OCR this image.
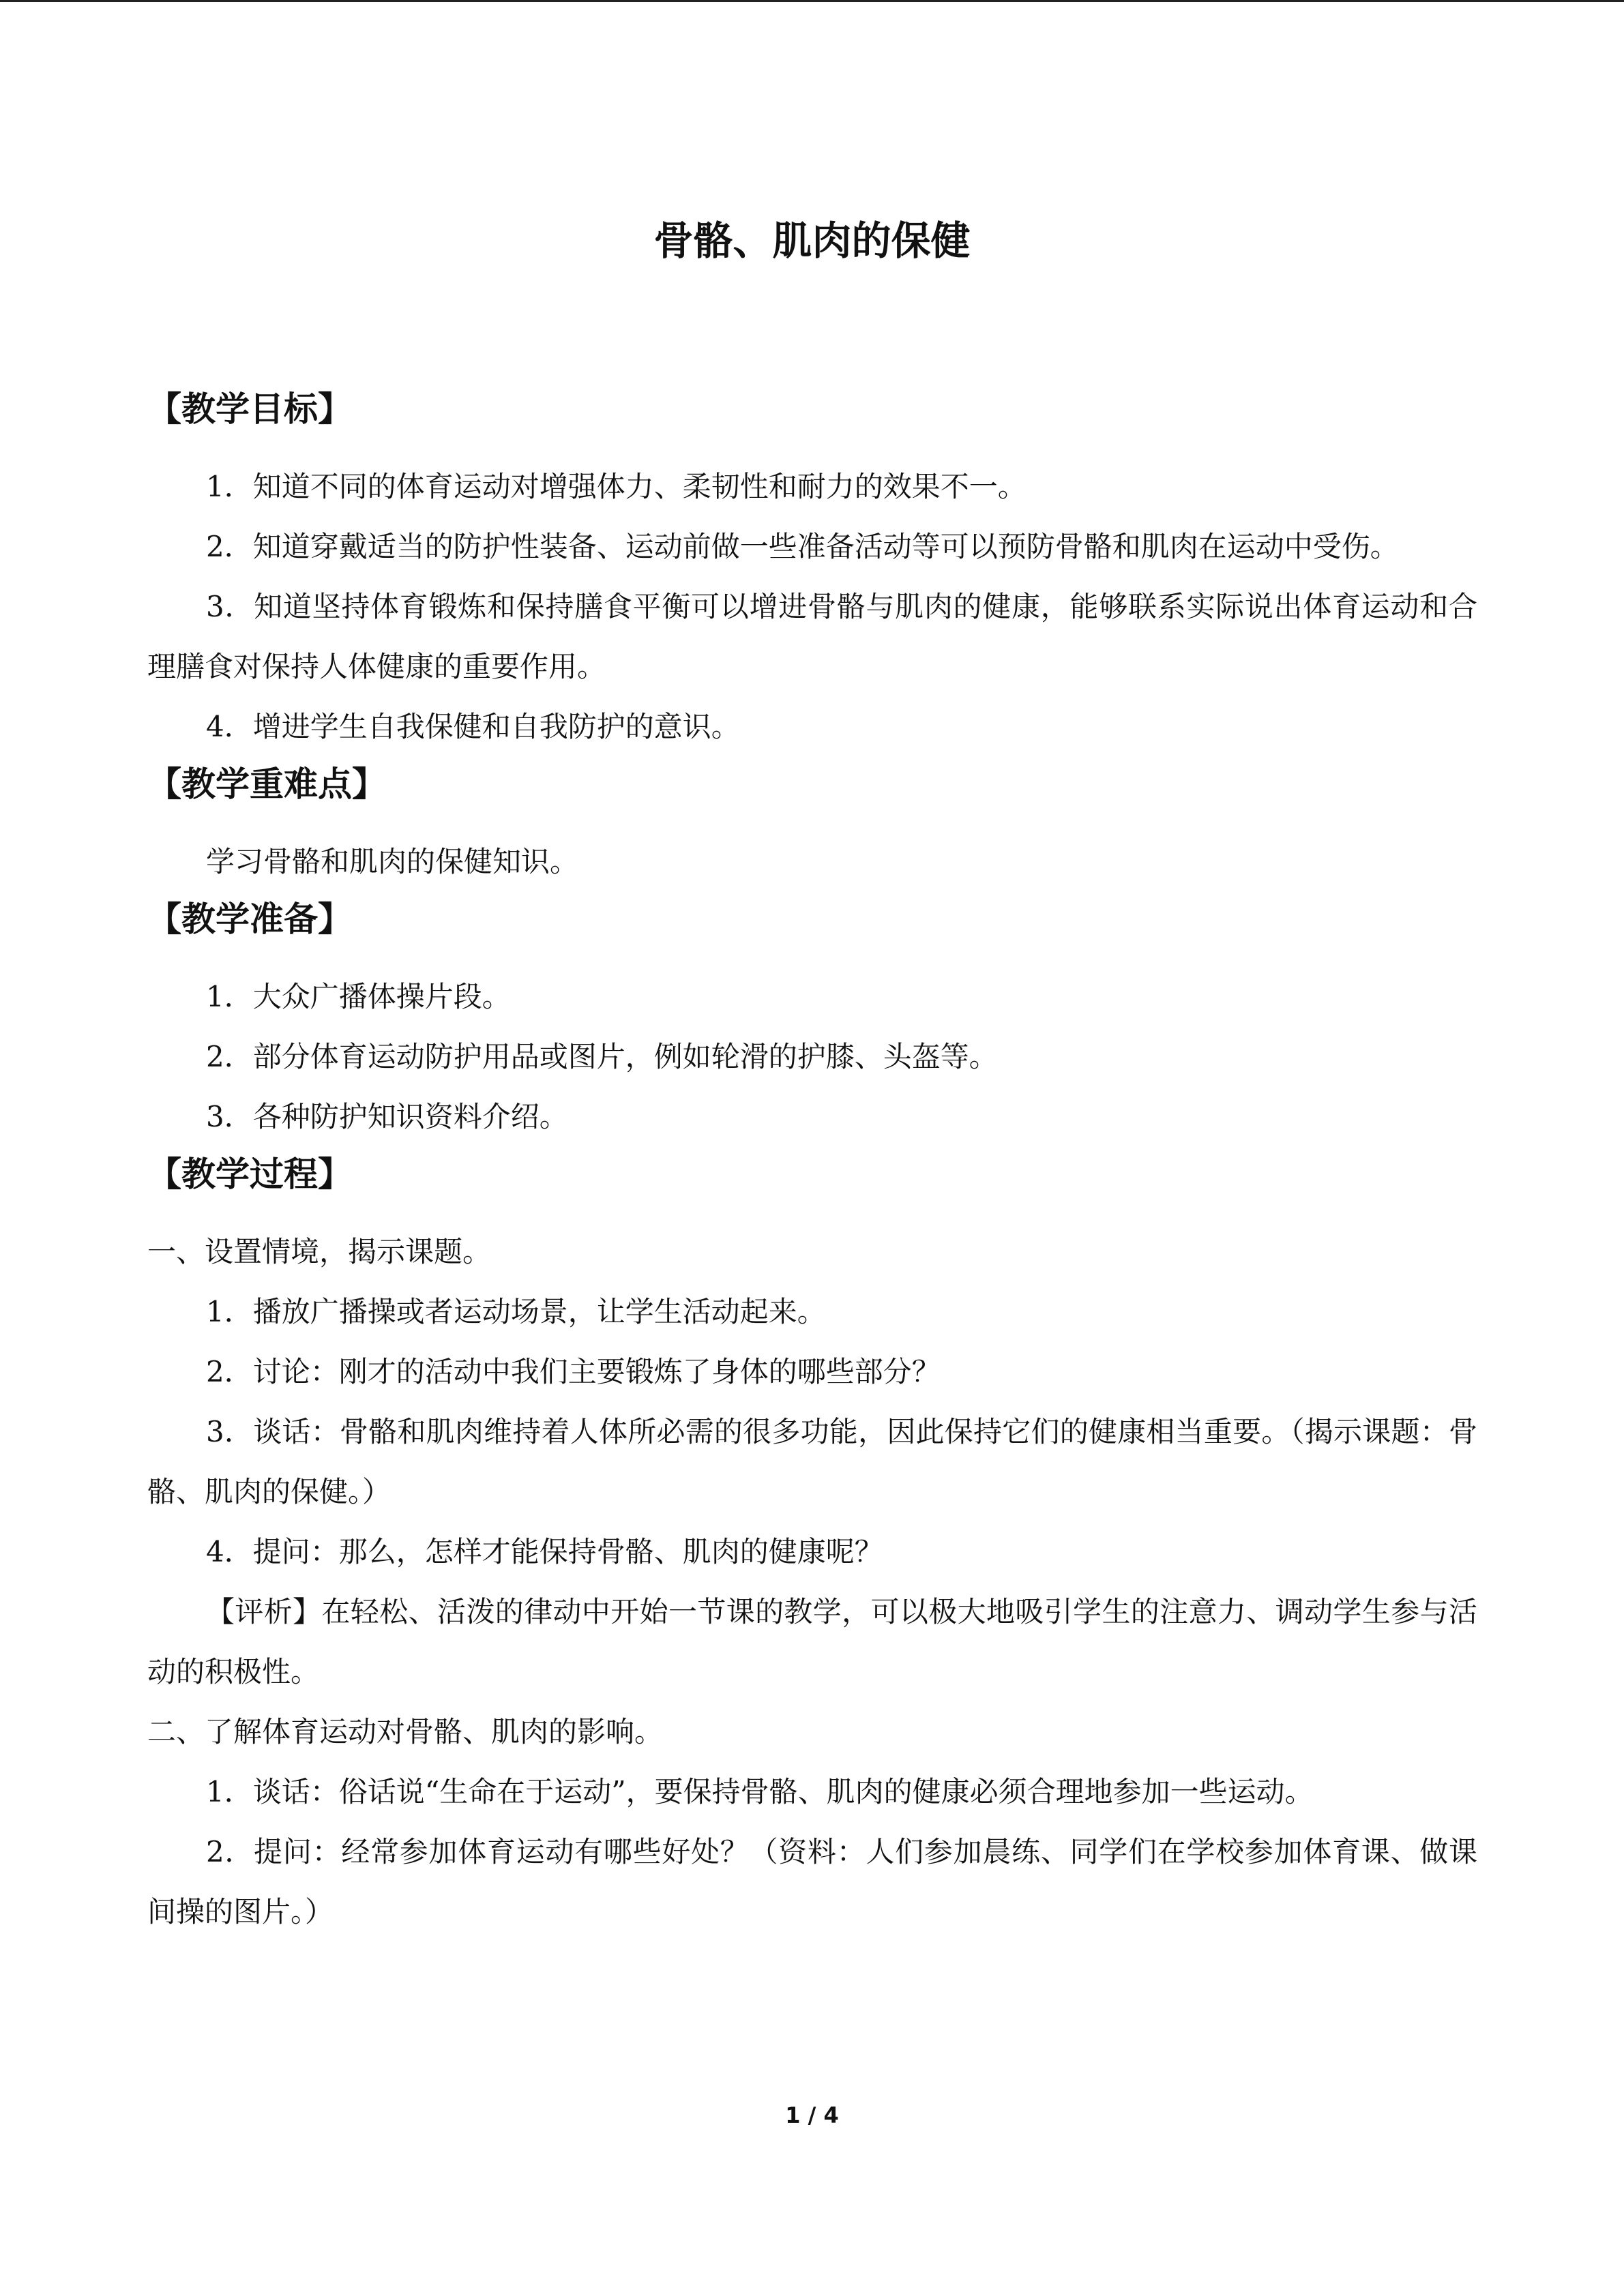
骨骼、肌肉的保健

【教学目标】

1．知道不同的体育运动对增强体力、柔韧性和耐力的效果不一。

2．知道穿戴适当的防护性装备、运动前做一些准备活动等可以预防骨骼和肌肉在运动中受伤。

3．知道坚持体育锻炼和保持膳食平衡可以增进骨骼与肌肉的健康，能够联系实际说出体育运动和合理膳食对保持人体健康的重要作用。

4．增进学生自我保健和自我防护的意识。

【教学重难点】

学习骨骼和肌肉的保健知识。

【教学准备】

1．大众广播体操片段。

2．部分体育运动防护用品或图片，例如轮滑的护膝、头盔等。

3．各种防护知识资料介绍。

【教学过程】

一、设置情境，揭示课题。

1．播放广播操或者运动场景，让学生活动起来。

2．讨论：刚才的活动中我们主要锻炼了身体的哪些部分？

3．谈话：骨骼和肌肉维持着人体所必需的很多功能，因此保持它们的健康相当重要。（揭示课题：骨骼、肌肉的保健。）

4．提问：那么，怎样才能保持骨骼、肌肉的健康呢？

【评析】在轻松、活泼的律动中开始一节课的教学，可以极大地吸引学生的注意力、调动学生参与活动的积极性。

二、了解体育运动对骨骼、肌肉的影响。

1．谈话：俗话说“生命在于运动”，要保持骨骼、肌肉的健康必须合理地参加一些运动。

2．提问：经常参加体育运动有哪些好处？（资料：人们参加晨练、同学们在学校参加体育课、做课间操的图片。）

1 / 4
